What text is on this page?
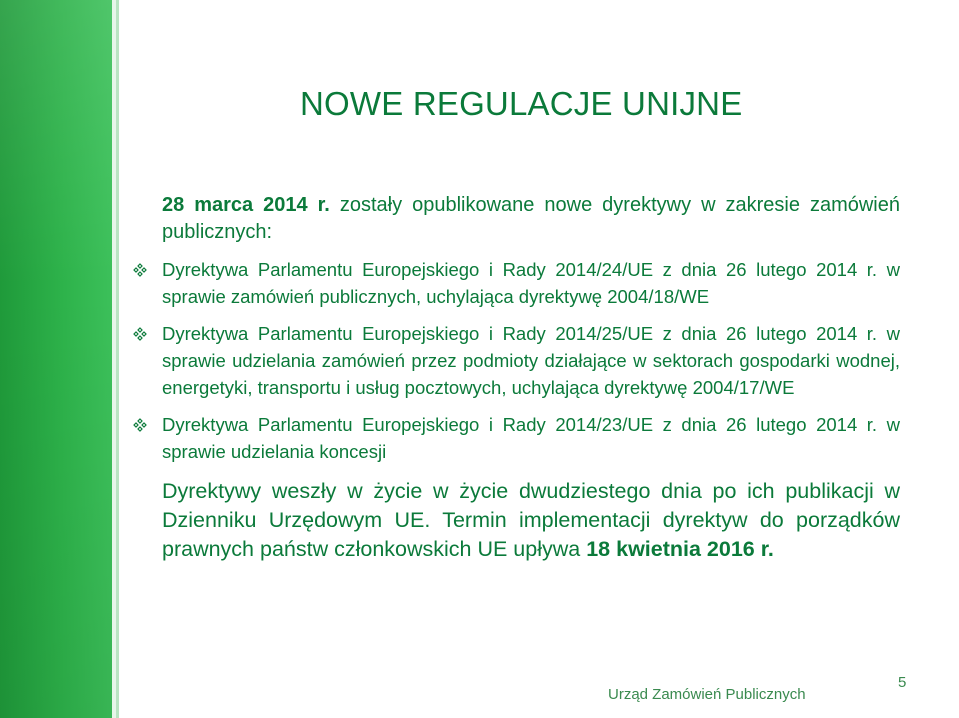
NOWE REGULACJE UNIJNE

28 marca 2014 r. zostały opublikowane nowe dyrektywy w zakresie zamówień publicznych:

Dyrektywa Parlamentu Europejskiego i Rady 2014/24/UE z dnia 26 lutego 2014 r. w sprawie zamówień publicznych, uchylająca dyrektywę 2004/18/WE
Dyrektywa Parlamentu Europejskiego i Rady 2014/25/UE z dnia 26 lutego 2014 r. w sprawie udzielania zamówień przez podmioty działające w sektorach gospodarki wodnej, energetyki, transportu i usług pocztowych, uchylająca dyrektywę 2004/17/WE
Dyrektywa Parlamentu Europejskiego i Rady 2014/23/UE z dnia 26 lutego 2014 r. w sprawie udzielania koncesji

Dyrektywy weszły w życie w życie dwudziestego dnia po ich publikacji w Dzienniku Urzędowym UE. Termin implementacji dyrektyw do porządków prawnych państw członkowskich UE upływa 18 kwietnia 2016 r.

Urząd Zamówień Publicznych
5
